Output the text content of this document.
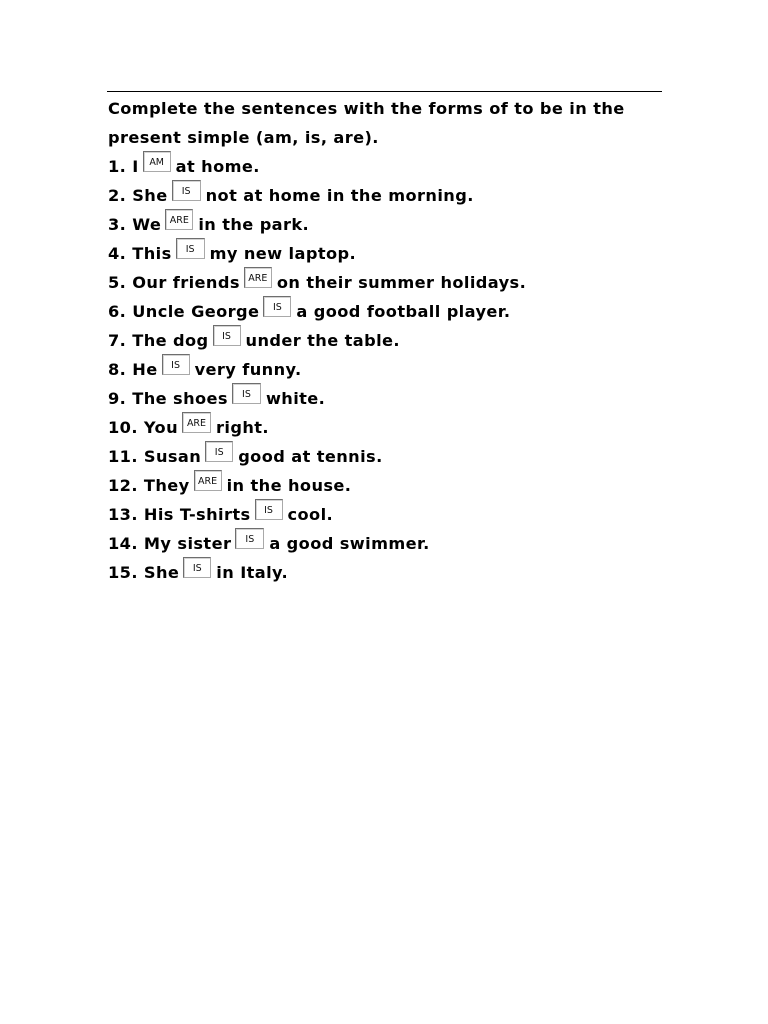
Complete the sentences with the forms of to be in the
present simple (am, is, are).
1. I AM at home.
2. She IS not at home in the morning.
3. We ARE in the park.
4. This IS my new laptop.
5. Our friends ARE on their summer holidays.
6. Uncle George IS a good football player.
7. The dog IS under the table.
8. He IS very funny.
9. The shoes IS white.
10. You ARE right.
11. Susan IS good at tennis.
12. They ARE in the house.
13. His T-shirts IS cool.
14. My sister IS a good swimmer.
15. She IS in Italy.
